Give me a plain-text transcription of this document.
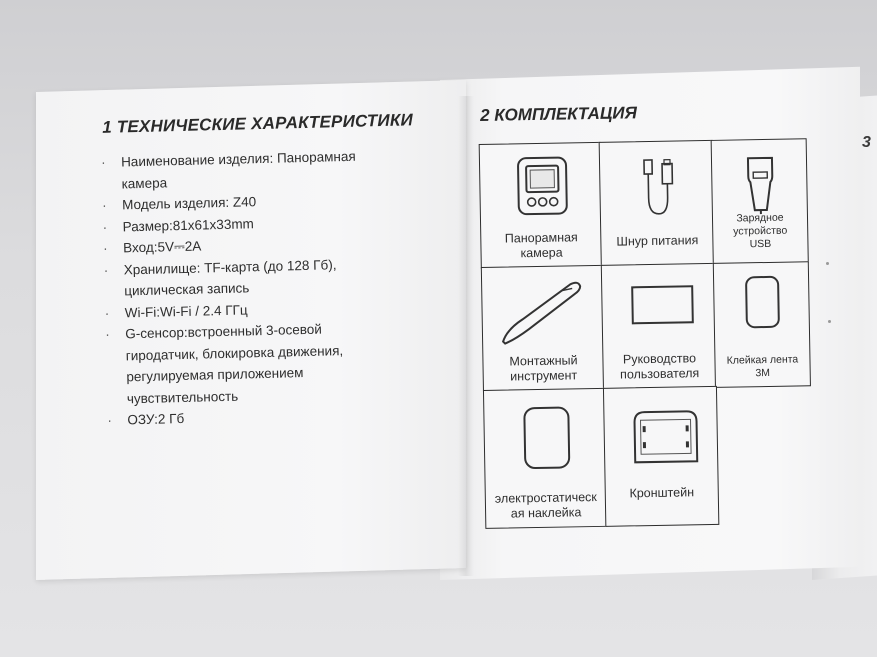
3
1 ТЕХНИЧЕСКИЕ ХАРАКТЕРИСТИКИ
· Наименование изделия: Панорамная камера
· Модель изделия: Z40
· Размер:81x61x33mm
· Вход:5V⎓2A
· Хранилище: TF-карта (до 128 Гб), циклическая запись
· Wi-Fi:Wi-Fi / 2.4 ГГц
· G-сенсор:встроенный 3-осевой гиродатчик, блокировка движения, регулируемая приложением чувствительность
· ОЗУ:2 Гб
2 КОМПЛЕКТАЦИЯ
Панорамная камера
Шнур питания
Зарядное устройство USB
Монтажный инструмент
Руководство пользователя
Клейкая лента 3M
электростатическая наклейка
Кронштейн
